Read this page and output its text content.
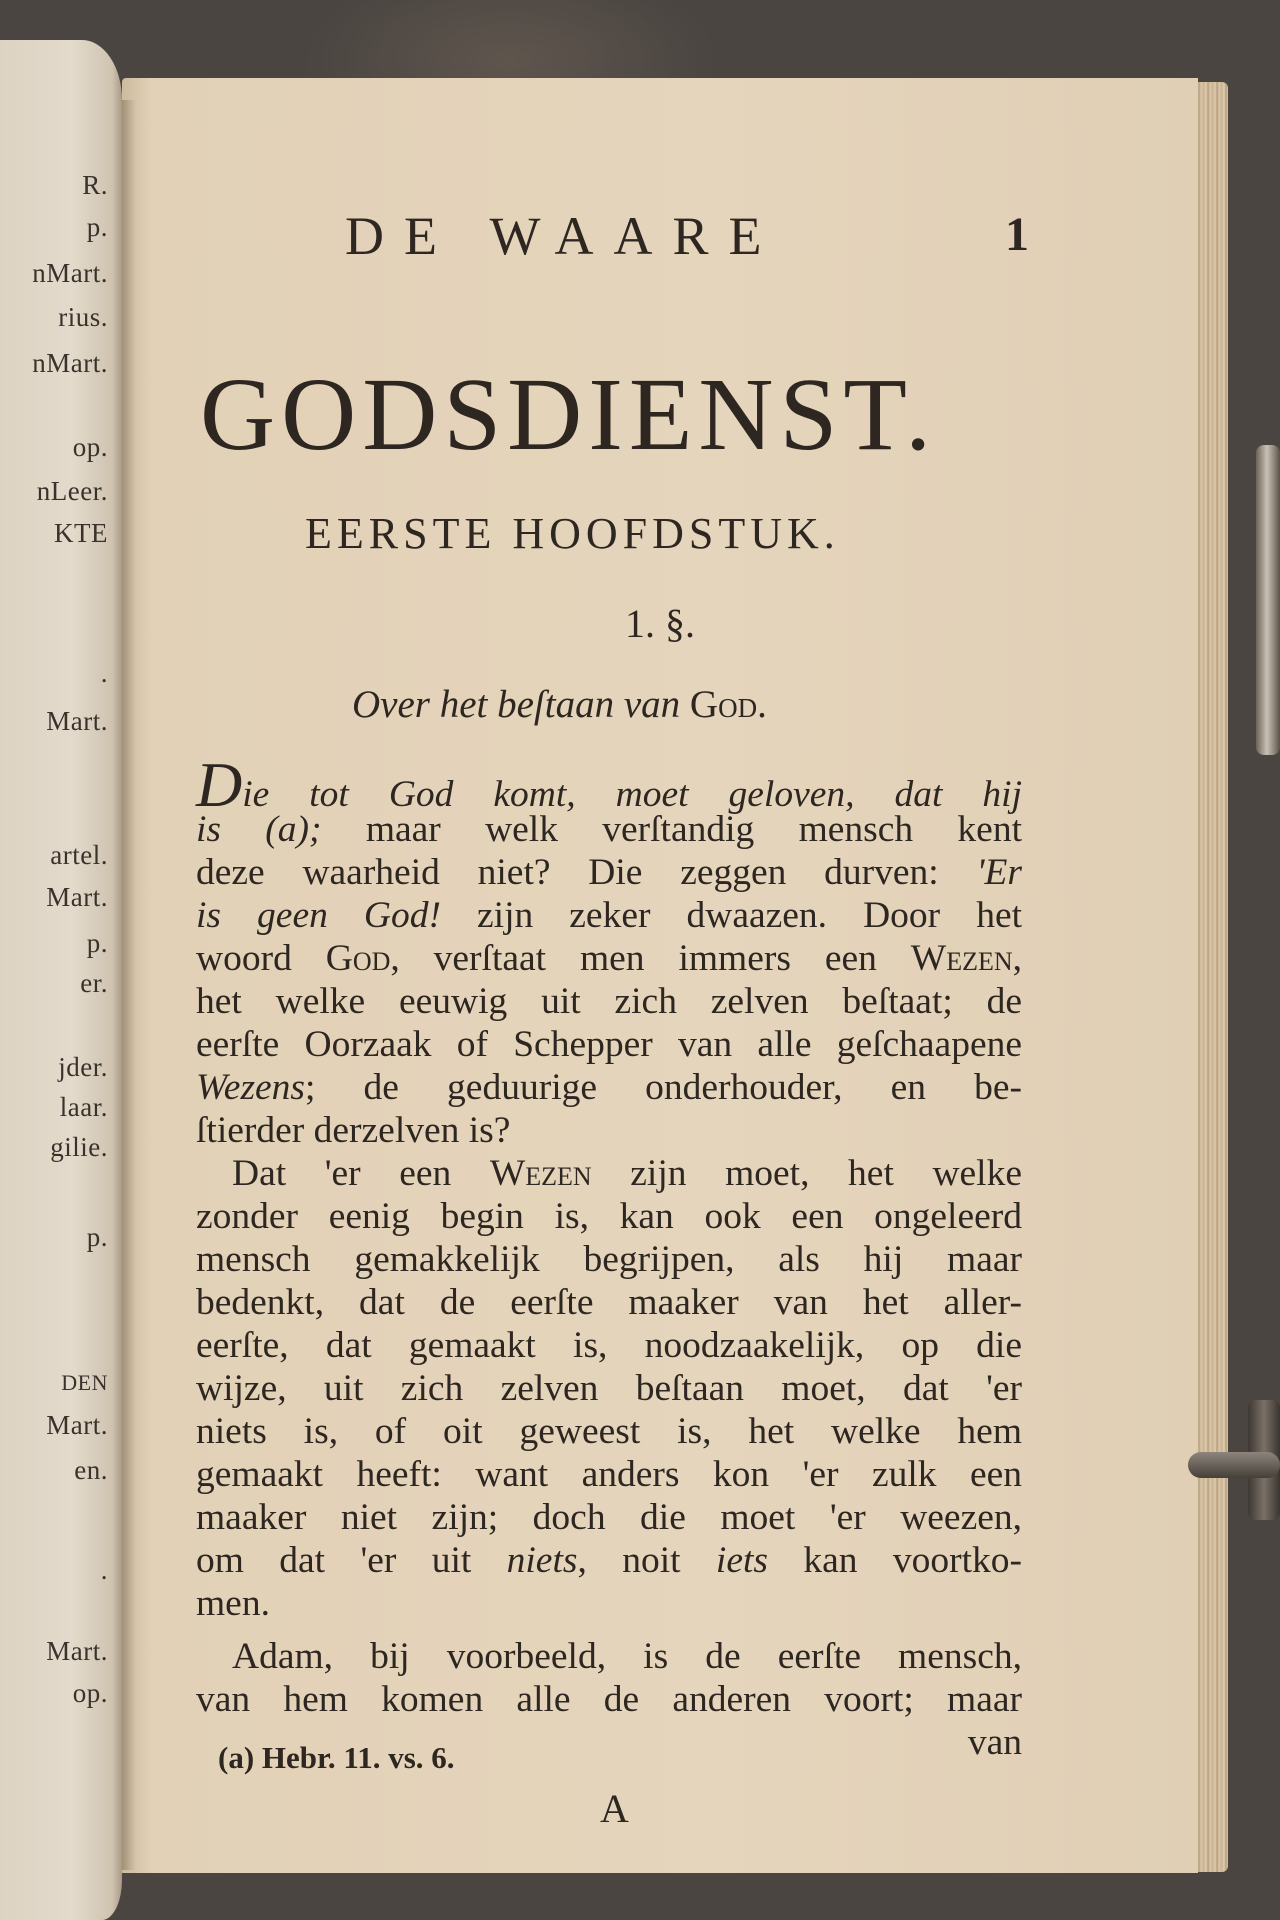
R.
p.
nMart.
rius.
nMart.
op.
nLeer.
KTE
.
Mart.
artel.
Mart.
p.
er.
jder.
laar.
gilie.
p.
DEN
Mart.
en.
.
Mart.
op.
DE WAARE	1
GODSDIENST.
EERSTE HOOFDSTUK.
1. §.
Over het beſtaan van God.
Die tot God komt, moet geloven, dat hij
is (a); maar welk verſtandig mensch kent
deze waarheid niet? Die zeggen durven: 'Er
is geen God! zijn zeker dwaazen. Door het
woord God, verſtaat men immers een Wezen,
het welke eeuwig uit zich zelven beſtaat; de
eerſte Oorzaak of Schepper van alle geſchaapene
Wezens; de geduurige onderhouder, en be-
ſtierder derzelven is?
Dat 'er een Wezen zijn moet, het welke
zonder eenig begin is, kan ook een ongeleerd
mensch gemakkelijk begrijpen, als hij maar
bedenkt, dat de eerſte maaker van het aller-
eerſte, dat gemaakt is, noodzaakelijk, op die
wijze, uit zich zelven beſtaan moet, dat 'er
niets is, of oit geweest is, het welke hem
gemaakt heeft: want anders kon 'er zulk een
maaker niet zijn; doch die moet 'er weezen,
om dat 'er uit niets, noit iets kan voortko-
men.
Adam, bij voorbeeld, is de eerſte mensch,
van hem komen alle de anderen voort; maar
van
(a) Hebr. 11. vs. 6.
A
